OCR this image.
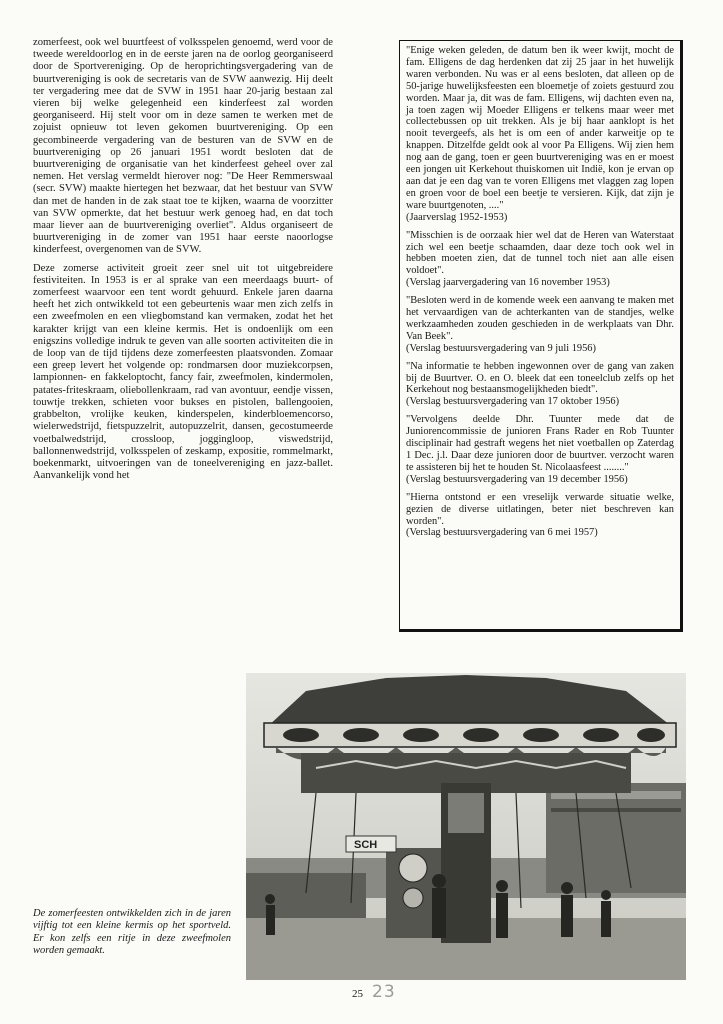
zomerfeest, ook wel buurtfeest of volksspelen genoemd, werd voor de tweede wereldoorlog en in de eerste jaren na de oorlog georganiseerd door de Sportvereniging. Op de heroprichtingsvergadering van de buurtvereniging is ook de secretaris van de SVW aanwezig. Hij deelt ter vergadering mee dat de SVW in 1951 haar 20-jarig bestaan zal vieren bij welke gelegenheid een kinderfeest zal worden georganiseerd. Hij stelt voor om in deze samen te werken met de zojuist opnieuw tot leven gekomen buurtvereniging. Op een gecombineerde vergadering van de besturen van de SVW en de buurtvereniging op 26 januari 1951 wordt besloten dat de buurtvereniging de organisatie van het kinderfeest geheel over zal nemen. Het verslag vermeldt hierover nog: "De Heer Remmerswaal (secr. SVW) maakte hiertegen het bezwaar, dat het bestuur van SVW dan met de handen in de zak staat toe te kijken, waarna de voorzitter van SVW opmerkte, dat het bestuur werk genoeg had, en dat toch maar liever aan de buurtvereniging overliet". Aldus organiseert de buurtvereniging in de zomer van 1951 haar eerste naoorlogse kinderfeest, overgenomen van de SVW.

Deze zomerse activiteit groeit zeer snel uit tot uitgebreidere festiviteiten. In 1953 is er al sprake van een meerdaags buurt- of zomerfeest waarvoor een tent wordt gehuurd. Enkele jaren daarna heeft het zich ontwikkeld tot een gebeurtenis waar men zich zelfs in een zweefmolen en een vliegbomstand kan vermaken, zodat het het karakter krijgt van een kleine kermis. Het is ondoenlijk om een enigszins volledige indruk te geven van alle soorten activiteiten die in de loop van de tijd tijdens deze zomerfeesten plaatsvonden. Zomaar een greep levert het volgende op: rondmarsen door muziekcorpsen, lampionnen- en fakkeloptocht, fancy fair, zweefmolen, kindermolen, patates-friteskraam, oliebollenkraam, rad van avontuur, eendje vissen, touwtje trekken, schieten voor bukses en pistolen, ballengooien, grabbelton, vrolijke keuken, kinderspelen, kinderbloemencorso, wielerwedstrijd, fietspuzzelrit, autopuzzelrit, dansen, gecostumeerde voetbalwedstrijd, crossloop, joggingloop, viswedstrijd, ballonnenwedstrijd, volksspelen of zeskamp, expositie, rommelmarkt, boekenmarkt, uitvoeringen van de toneelvereniging en jazz-ballet. Aanvankelijk vond het

"Enige weken geleden, de datum ben ik weer kwijt, mocht de fam. Elligens de dag herdenken dat zij 25 jaar in het huwelijk waren verbonden. Nu was er al eens besloten, dat alleen op de 50-jarige huwelijksfeesten een bloemetje of zoiets gestuurd zou worden. Maar ja, dit was de fam. Elligens, wij dachten even na, ja toen zagen wij Moeder Elligens er telkens maar weer met collectebussen op uit trekken. Als je bij haar aanklopt is het nooit tevergeefs, als het is om een of ander karweitje op te knappen. Ditzelfde geldt ook al voor Pa Elligens. Wij zien hem nog aan de gang, toen er geen buurtvereniging was en er moest een jongen uit Kerkehout thuiskomen uit Indië, kon je ervan op aan dat je een dag van te voren Elligens met vlaggen zag lopen en groen voor de boel een beetje te versieren. Kijk, dat zijn je ware buurtgenoten, ...."
(Jaarverslag 1952-1953)
"Misschien is de oorzaak hier wel dat de Heren van Waterstaat zich wel een beetje schaamden, daar deze toch ook wel in hebben moeten zien, dat de tunnel toch niet aan alle eisen voldoet".
(Verslag jaarvergadering van 16 november 1953)
"Besloten werd in de komende week een aanvang te maken met het vervaardigen van de achterkanten van de standjes, welke werkzaamheden zouden geschieden in de werkplaats van Dhr. Van Beek".
(Verslag bestuursvergadering van 9 juli 1956)
"Na informatie te hebben ingewonnen over de gang van zaken bij de Buurtver. O. en O. bleek dat een toneelclub zelfs op het Kerkehout nog bestaansmogelijkheden biedt".
(Verslag bestuursvergadering van 17 oktober 1956)
"Vervolgens deelde Dhr. Tuunter mede dat de Juniorencommissie de junioren Frans Rader en Rob Tuunter disciplinair had gestraft wegens het niet voetballen op Zaterdag 1 Dec. j.l. Daar deze junioren door de buurtver. verzocht waren te assisteren bij het te houden St. Nicolaasfeest ........"
(Verslag bestuursvergadering van 19 december 1956)
"Hierna ontstond er een vreselijk verwarde situatie welke, gezien de diverse uitlatingen, beter niet beschreven kan worden".
(Verslag bestuursvergadering van 6 mei 1957)
SCH
De zomerfeesten ontwikkelden zich in de jaren vijftig tot een kleine kermis op het sportveld. Er kon zelfs een ritje in deze zweefmolen worden gemaakt.
25 23
